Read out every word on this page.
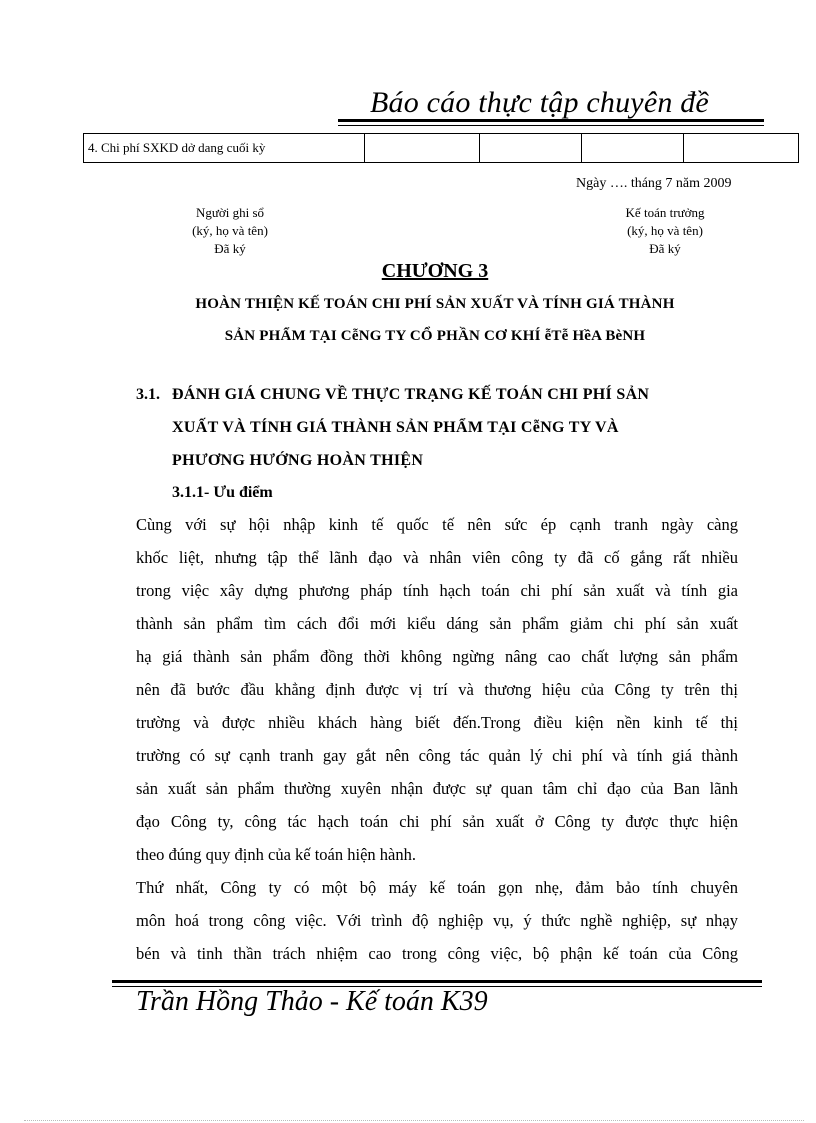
Báo cáo thực tập chuyên đề
4. Chi phí SXKD dở dang cuối kỳ				
Ngày …. tháng 7 năm 2009
Người ghi sổ
(ký, họ và tên)
Đã ký
Kế toán trưởng
(ký, họ và tên)
Đã ký
CHƯƠNG 3
HOÀN THIỆN KẾ TOÁN CHI PHÍ SẢN XUẤT VÀ TÍNH GIÁ THÀNH
SẢN PHẨM TẠI CễNG TY CỔ PHẦN CƠ KHÍ ễTễ HềA BèNH
3.1. ĐÁNH GIÁ CHUNG VỀ THỰC TRẠNG KẾ TOÁN CHI PHÍ SẢN
XUẤT VÀ TÍNH GIÁ THÀNH SẢN PHẨM TẠI CễNG TY VÀ
PHƯƠNG HƯỚNG HOÀN THIỆN
3.1.1- Ưu điểm
Cùng với sự hội nhập kinh tế quốc tế nên sức ép cạnh tranh ngày càng
khốc liệt, nhưng tập thể lãnh đạo và nhân viên công ty đã cố gắng rất nhiều
trong việc xây dựng phương pháp tính hạch toán chi phí sản xuất và tính gia
thành sản phẩm tìm cách đổi mới kiểu dáng sản phẩm giảm chi phí sản xuất
hạ giá thành sản phẩm đồng thời không ngừng nâng cao chất lượng sản phẩm
nên đã bước đầu khẳng định được vị trí và thương hiệu của Công ty trên thị
trường và được nhiều khách hàng biết đến.Trong điều kiện nền kinh tế thị
trường có sự cạnh tranh gay gắt nên công tác quản lý chi phí và tính giá thành
sản xuất sản phẩm thường xuyên nhận được sự quan tâm chỉ đạo của Ban lãnh
đạo Công ty, công tác hạch toán chi phí sản xuất ở Công ty được thực hiện
theo đúng quy định của kế toán hiện hành.
Thứ nhất, Công ty có một bộ máy kế toán gọn nhẹ, đảm bảo tính chuyên
môn hoá trong công việc. Với trình độ nghiệp vụ, ý thức nghề nghiệp, sự nhạy
bén và tinh thần trách nhiệm cao trong công việc, bộ phận kế toán của Công
Trần Hồng Thảo - Kế toán K39
